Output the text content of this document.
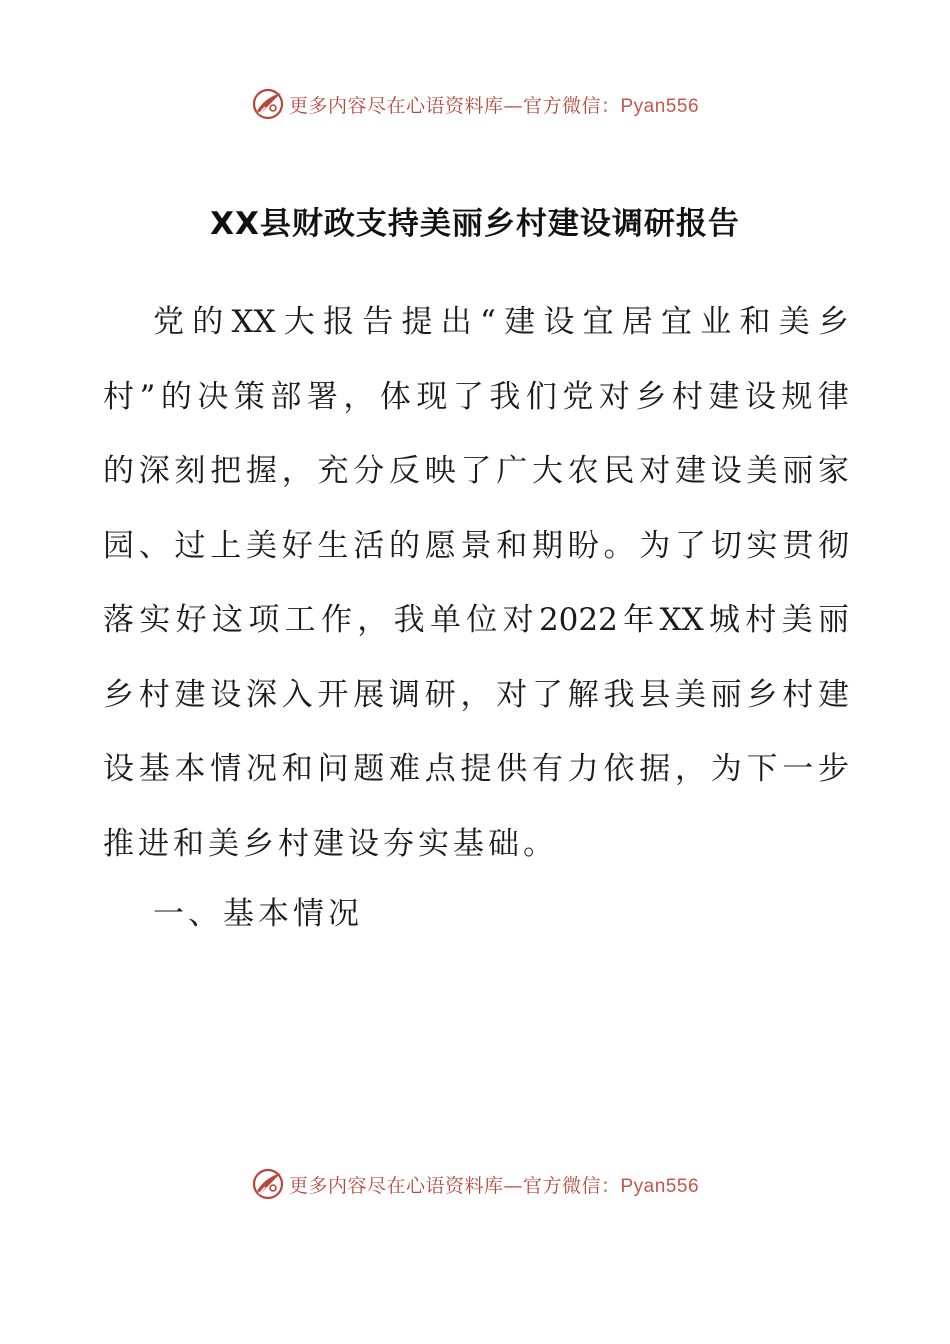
更多内容尽在心语资料库—官方微信：Pyan556
XX县财政支持美丽乡村建设调研报告
党 的 XX 大 报 告 提 出 “ 建 设 宜 居 宜 业 和 美 乡
村 ” 的 决 策 部 署 ， 体 现 了 我 们 党 对 乡 村 建 设 规 律
的 深 刻 把 握 ， 充 分 反 映 了 广 大 农 民 对 建 设 美 丽 家
园 、 过 上 美 好 生 活 的 愿 景 和 期 盼 。 为 了 切 实 贯 彻
落 实 好 这 项 工 作 ， 我 单 位 对 2022 年 XX 城 村 美 丽
乡 村 建 设 深 入 开 展 调 研 ， 对 了 解 我 县 美 丽 乡 村 建
设 基 本 情 况 和 问 题 难 点 提 供 有 力 依 据 ， 为 下 一 步
推进和美乡村建设夯实基础。
一、基本情况
更多内容尽在心语资料库—官方微信：Pyan556
